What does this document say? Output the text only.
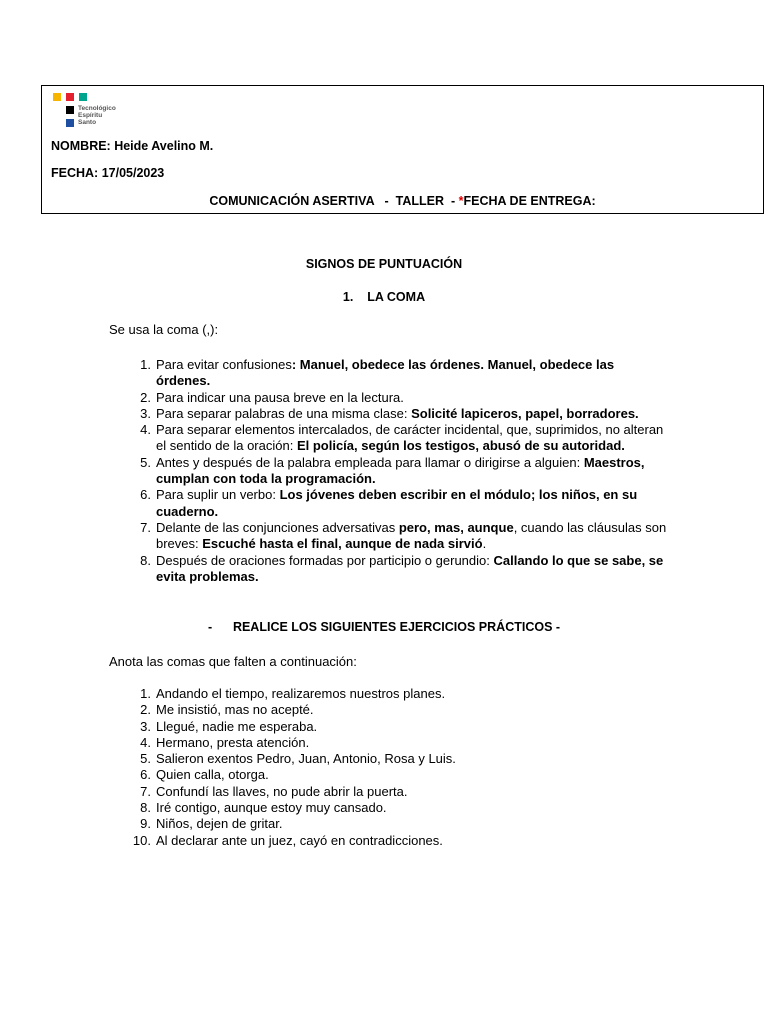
Tecnológico
Espíritu
Santo
NOMBRE: Heide Avelino M.
FECHA: 17/05/2023
COMUNICACIÓN ASERTIVA   -  TALLER  - *FECHA DE ENTREGA:
SIGNOS DE PUNTUACIÓN
1. LA COMA
Se usa la coma (,):
1. Para evitar confusiones: Manuel, obedece las órdenes. Manuel, obedece las órdenes.
2. Para indicar una pausa breve en la lectura.
3. Para separar palabras de una misma clase: Solicité lapiceros, papel, borradores.
4. Para separar elementos intercalados, de carácter incidental, que, suprimidos, no alteran el sentido de la oración: El policía, según los testigos, abusó de su autoridad.
5. Antes y después de la palabra empleada para llamar o dirigirse a alguien: Maestros, cumplan con toda la programación.
6. Para suplir un verbo: Los jóvenes deben escribir en el módulo; los niños, en su cuaderno.
7. Delante de las conjunciones adversativas pero, mas, aunque, cuando las cláusulas son breves: Escuché hasta el final, aunque de nada sirvió.
8. Después de oraciones formadas por participio o gerundio: Callando lo que se sabe, se evita problemas.
-      REALICE LOS SIGUIENTES EJERCICIOS PRÁCTICOS -
Anota las comas que falten a continuación:
1. Andando el tiempo, realizaremos nuestros planes.
2. Me insistió, mas no acepté.
3. Llegué, nadie me esperaba.
4. Hermano, presta atención.
5. Salieron exentos Pedro, Juan, Antonio, Rosa y Luis.
6. Quien calla, otorga.
7. Confundí las llaves, no pude abrir la puerta.
8. Iré contigo, aunque estoy muy cansado.
9. Niños, dejen de gritar.
10. Al declarar ante un juez, cayó en contradicciones.
